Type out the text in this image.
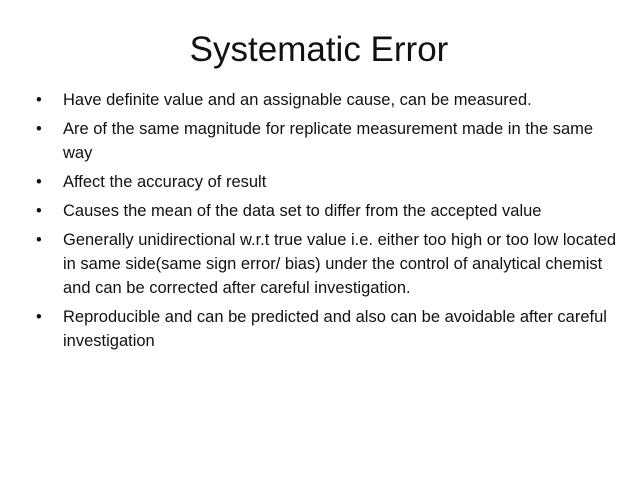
Systematic Error
•	Have definite value and an assignable cause, can be measured.
•	Are of the same magnitude for replicate measurement made in the same way
•	Affect the accuracy of result
•	Causes the mean of the data set to differ from the accepted value
•	Generally unidirectional w.r.t true value i.e. either too high or too low located in same side(same sign error/ bias) under the control of analytical chemist and can be corrected after careful investigation.
•	Reproducible and can be predicted and also can be avoidable after careful investigation
